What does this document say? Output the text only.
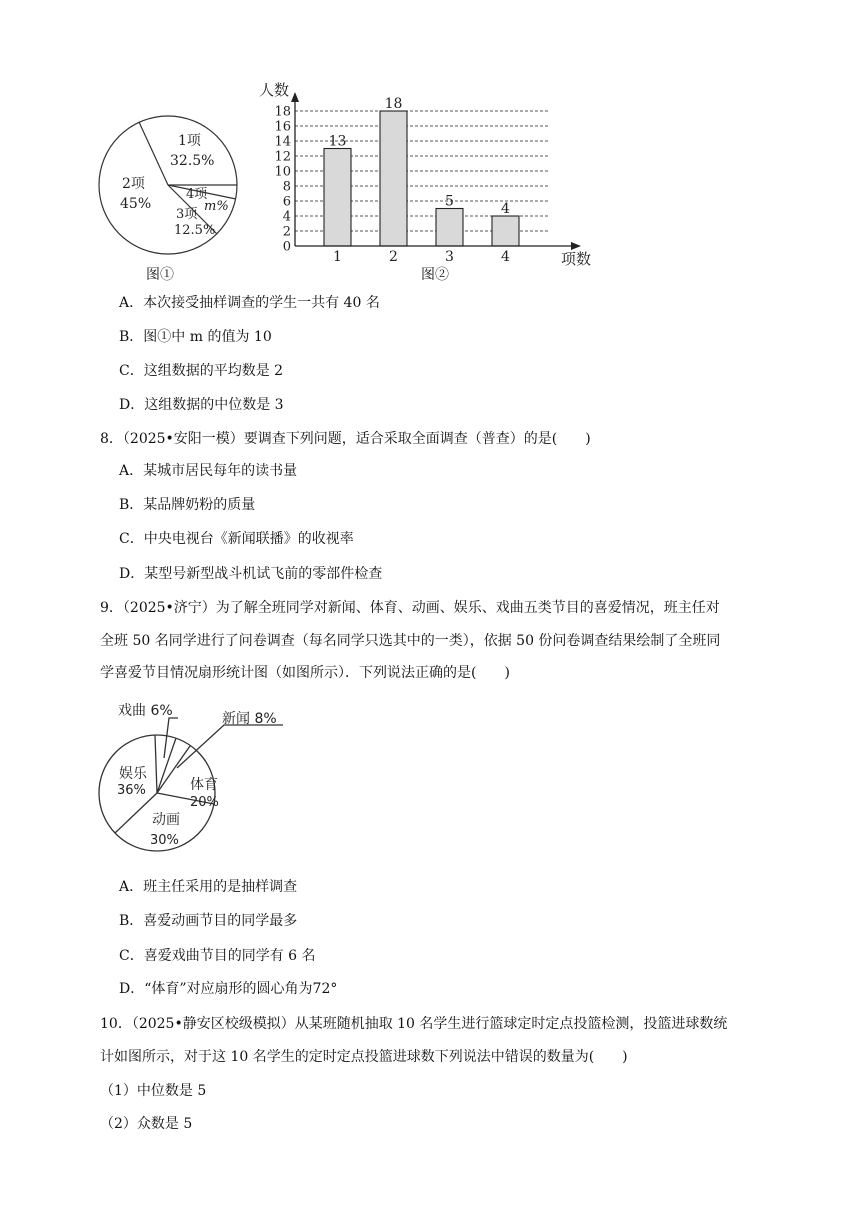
1项
32.5%
2项
45%
4项
m%
3项
12.5%
图①
人数
项数
13
18
5	4
0
2
4
6
8
10
12
14
16
18
1	2	3	4
图②
A．本次接受抽样调查的学生一共有 40 名
B．图①中 m 的值为 10
C．这组数据的平均数是 2
D．这组数据的中位数是 3
8．（2025•安阳一模）要调查下列问题，适合采取全面调查（普查）的是(　　)
A．某城市居民每年的读书量
B．某品牌奶粉的质量
C．中央电视台《新闻联播》的收视率
D．某型号新型战斗机试飞前的零部件检查
9．（2025•济宁）为了解全班同学对新闻、体育、动画、娱乐、戏曲五类节目的喜爱情况，班主任对
全班 50 名同学进行了问卷调查（每名同学只选其中的一类），依据 50 份问卷调查结果绘制了全班同
学喜爱节目情况扇形统计图（如图所示）．下列说法正确的是(　　)
戏曲 6%	新闻 8%
体育
20%
动画
30%
娱乐
36%
A．班主任采用的是抽样调查
B．喜爱动画节目的同学最多
C．喜爱戏曲节目的同学有 6 名
D．“体育”对应扇形的圆心角为72°
10．（2025•静安区校级模拟）从某班随机抽取 10 名学生进行篮球定时定点投篮检测，投篮进球数统
计如图所示，对于这 10 名学生的定时定点投篮进球数下列说法中错误的数量为(　　)
（1）中位数是 5
（2）众数是 5
